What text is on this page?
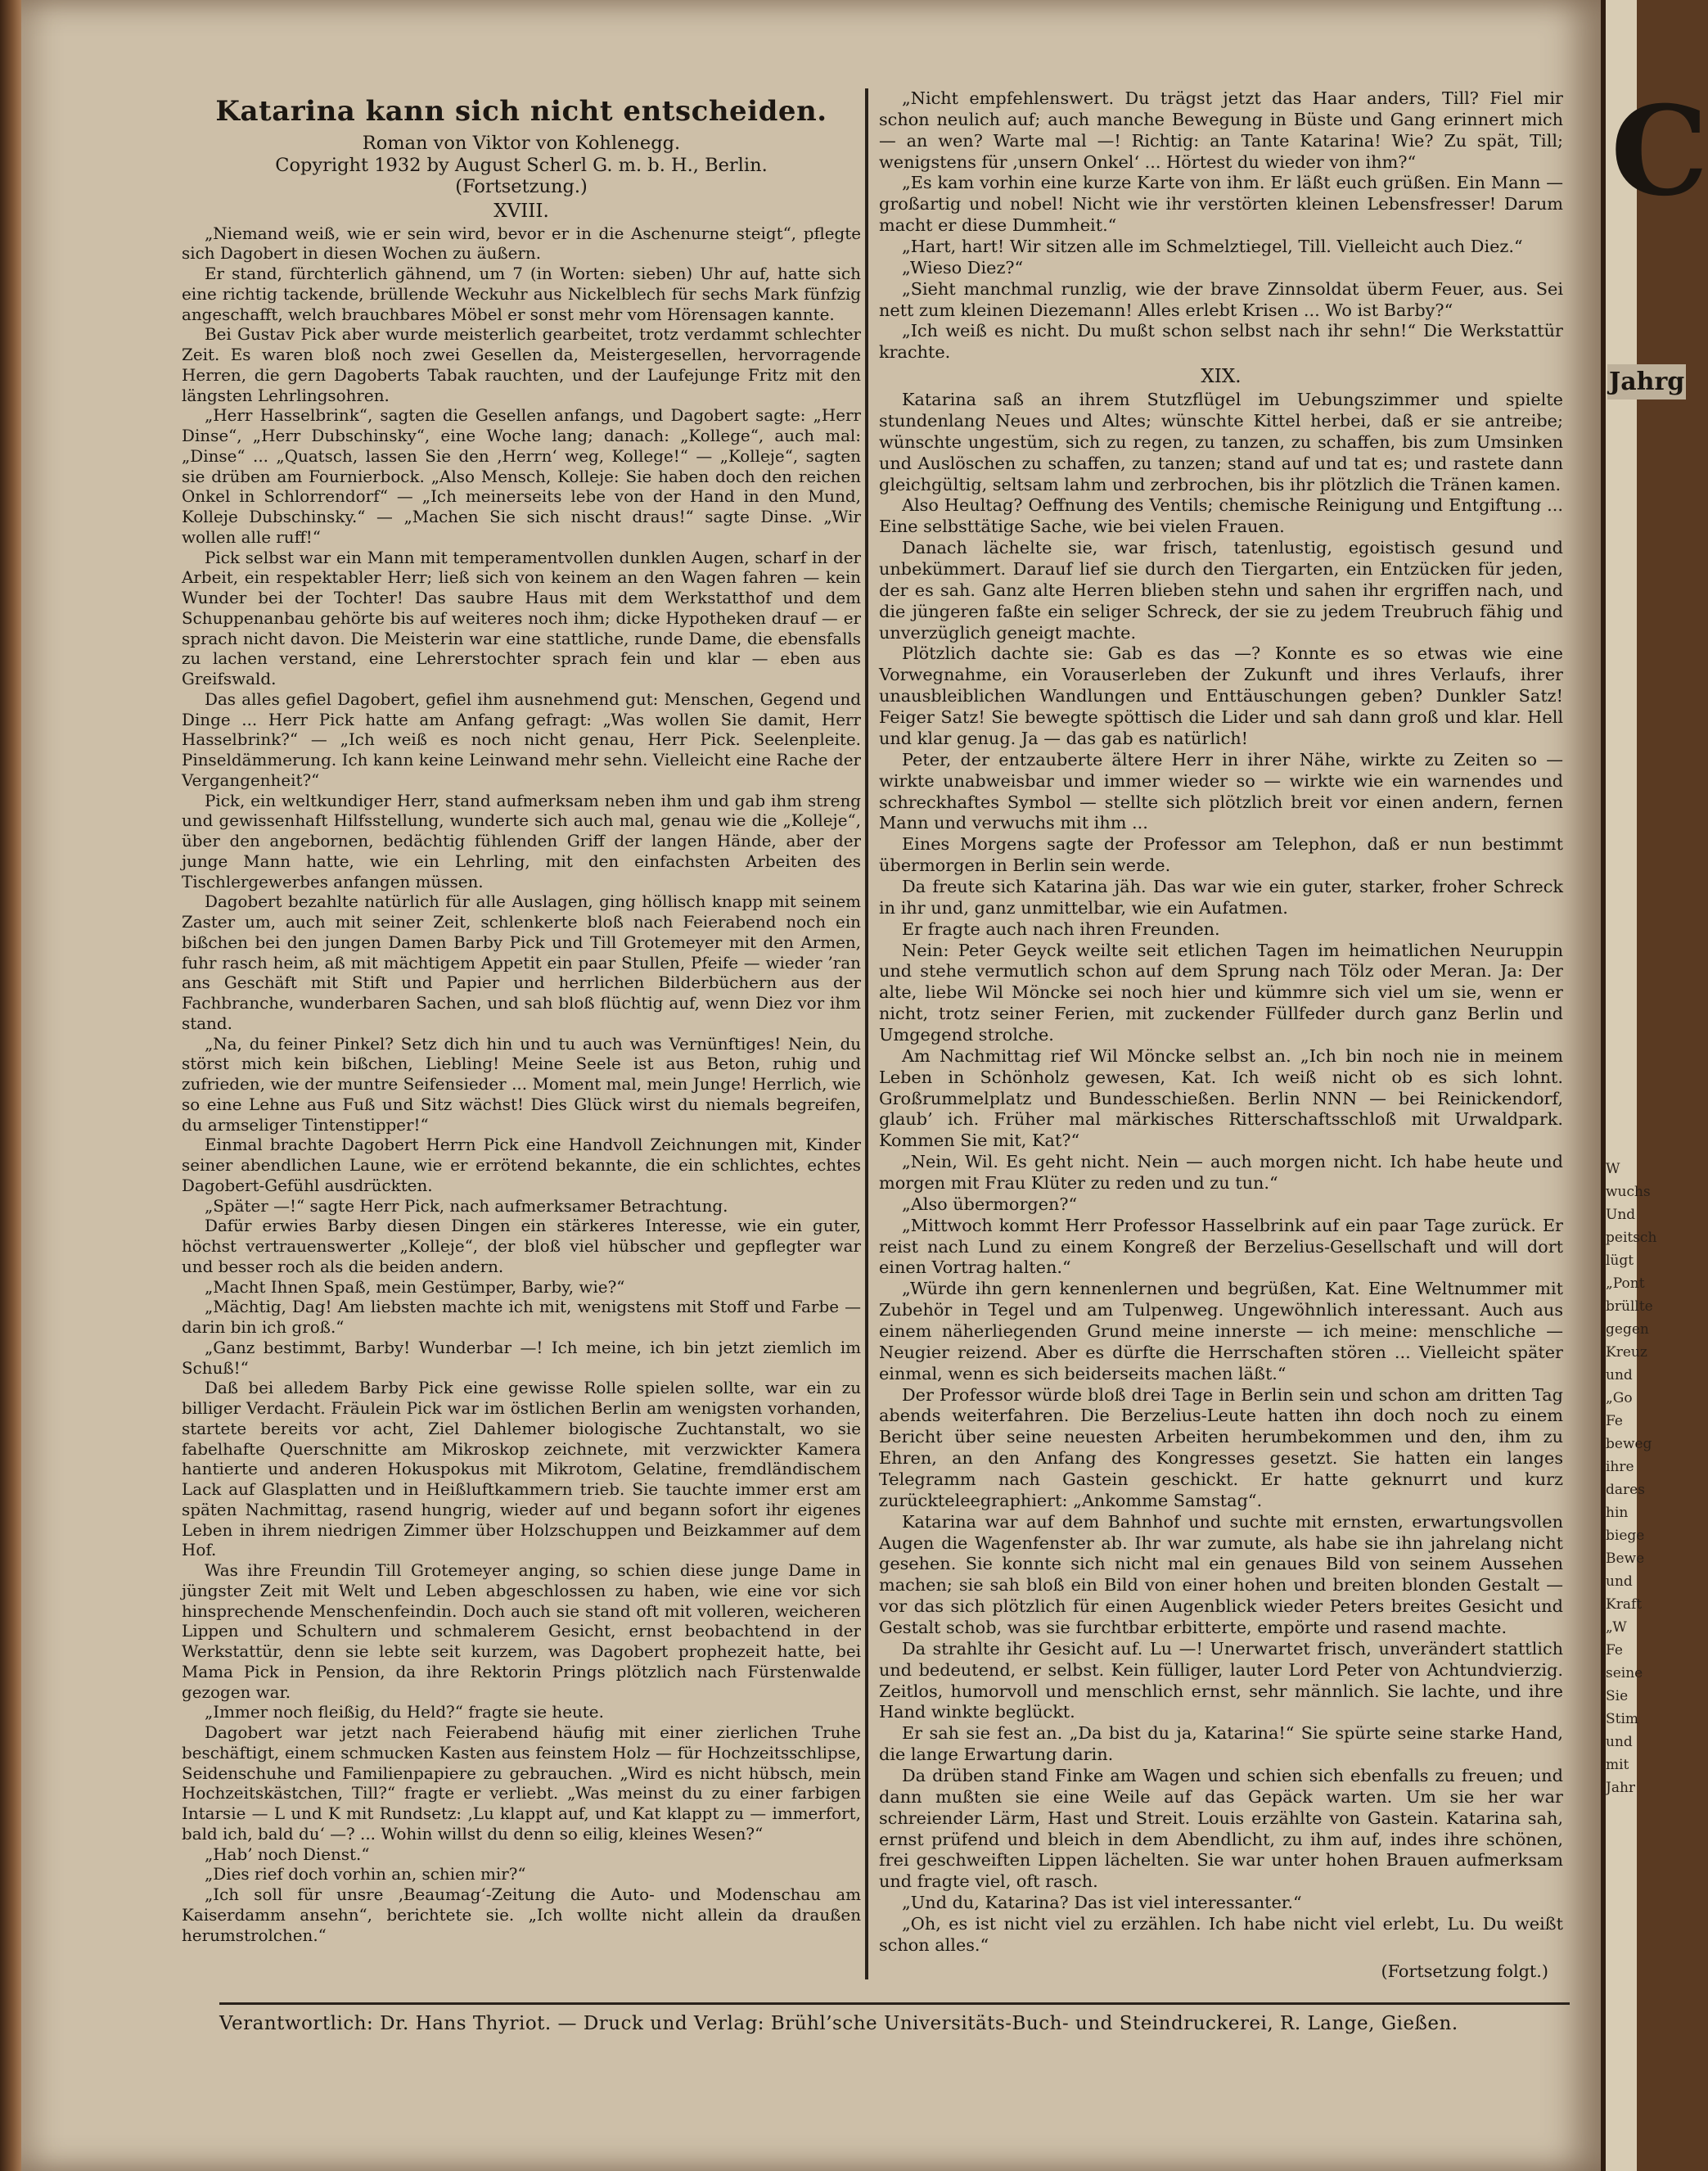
Katarina kann sich nicht entscheiden.
Roman von Viktor von Kohlenegg.
Copyright 1932 by August Scherl G. m. b. H., Berlin.
(Fortsetzung.)
XVIII.

„Niemand weiß, wie er sein wird, bevor er in die Aschenurne steigt“, pflegte sich Dagobert in diesen Wochen zu äußern.

Er stand, fürchterlich gähnend, um 7 (in Worten: sieben) Uhr auf, hatte sich eine richtig tackende, brüllende Weckuhr aus Nickelblech für sechs Mark fünfzig angeschafft, welch brauchbares Möbel er sonst mehr vom Hörensagen kannte.

Bei Gustav Pick aber wurde meisterlich gearbeitet, trotz verdammt schlechter Zeit. Es waren bloß noch zwei Gesellen da, Meistergesellen, hervorragende Herren, die gern Dagoberts Tabak rauchten, und der Laufejunge Fritz mit den längsten Lehrlingsohren.

„Herr Hasselbrink“, sagten die Gesellen anfangs, und Dagobert sagte: „Herr Dinse“, „Herr Dubschinsky“, eine Woche lang; danach: „Kollege“, auch mal: „Dinse“ ... „Quatsch, lassen Sie den ‚Herrn‘ weg, Kollege!“ — „Kolleje“, sagten sie drüben am Fournierbock. „Also Mensch, Kolleje: Sie haben doch den reichen Onkel in Schlorrendorf“ — „Ich meinerseits lebe von der Hand in den Mund, Kolleje Dubschinsky.“ — „Machen Sie sich nischt draus!“ sagte Dinse. „Wir wollen alle ruff!“

Pick selbst war ein Mann mit temperamentvollen dunklen Augen, scharf in der Arbeit, ein respektabler Herr; ließ sich von keinem an den Wagen fahren — kein Wunder bei der Tochter! Das saubre Haus mit dem Werkstatthof und dem Schuppenanbau gehörte bis auf weiteres noch ihm; dicke Hypotheken drauf — er sprach nicht davon. Die Meisterin war eine stattliche, runde Dame, die ebensfalls zu lachen verstand, eine Lehrerstochter sprach fein und klar — eben aus Greifswald.

Das alles gefiel Dagobert, gefiel ihm ausnehmend gut: Menschen, Gegend und Dinge ... Herr Pick hatte am Anfang gefragt: „Was wollen Sie damit, Herr Hasselbrink?“ — „Ich weiß es noch nicht genau, Herr Pick. Seelenpleite. Pinseldämmerung. Ich kann keine Leinwand mehr sehn. Vielleicht eine Rache der Vergangenheit?“

Pick, ein weltkundiger Herr, stand aufmerksam neben ihm und gab ihm streng und gewissenhaft Hilfsstellung, wunderte sich auch mal, genau wie die „Kolleje“, über den angebornen, bedächtig fühlenden Griff der langen Hände, aber der junge Mann hatte, wie ein Lehrling, mit den einfachsten Arbeiten des Tischlergewerbes anfangen müssen.

Dagobert bezahlte natürlich für alle Auslagen, ging höllisch knapp mit seinem Zaster um, auch mit seiner Zeit, schlenkerte bloß nach Feierabend noch ein bißchen bei den jungen Damen Barby Pick und Till Grotemeyer mit den Armen, fuhr rasch heim, aß mit mächtigem Appetit ein paar Stullen, Pfeife — wieder ’ran ans Geschäft mit Stift und Papier und herrlichen Bilderbüchern aus der Fachbranche, wunderbaren Sachen, und sah bloß flüchtig auf, wenn Diez vor ihm stand.

„Na, du feiner Pinkel? Setz dich hin und tu auch was Vernünftiges! Nein, du störst mich kein bißchen, Liebling! Meine Seele ist aus Beton, ruhig und zufrieden, wie der muntre Seifensieder ... Moment mal, mein Junge! Herrlich, wie so eine Lehne aus Fuß und Sitz wächst! Dies Glück wirst du niemals begreifen, du armseliger Tintenstipper!“

Einmal brachte Dagobert Herrn Pick eine Handvoll Zeichnungen mit, Kinder seiner abendlichen Laune, wie er errötend bekannte, die ein schlichtes, echtes Dagobert-Gefühl ausdrückten.

„Später —!“ sagte Herr Pick, nach aufmerksamer Betrachtung.

Dafür erwies Barby diesen Dingen ein stärkeres Interesse, wie ein guter, höchst vertrauenswerter „Kolleje“, der bloß viel hübscher und gepflegter war und besser roch als die beiden andern.

„Macht Ihnen Spaß, mein Gestümper, Barby, wie?“

„Mächtig, Dag! Am liebsten machte ich mit, wenigstens mit Stoff und Farbe — darin bin ich groß.“

„Ganz bestimmt, Barby! Wunderbar —! Ich meine, ich bin jetzt ziemlich im Schuß!“

Daß bei alledem Barby Pick eine gewisse Rolle spielen sollte, war ein zu billiger Verdacht. Fräulein Pick war im östlichen Berlin am wenigsten vorhanden, startete bereits vor acht, Ziel Dahlemer biologische Zuchtanstalt, wo sie fabelhafte Querschnitte am Mikroskop zeichnete, mit verzwickter Kamera hantierte und anderen Hokuspokus mit Mikrotom, Gelatine, fremdländischem Lack auf Glasplatten und in Heißluftkammern trieb. Sie tauchte immer erst am späten Nachmittag, rasend hungrig, wieder auf und begann sofort ihr eigenes Leben in ihrem niedrigen Zimmer über Holzschuppen und Beizkammer auf dem Hof.

Was ihre Freundin Till Grotemeyer anging, so schien diese junge Dame in jüngster Zeit mit Welt und Leben abgeschlossen zu haben, wie eine vor sich hinsprechende Menschenfeindin. Doch auch sie stand oft mit volleren, weicheren Lippen und Schultern und schmalerem Gesicht, ernst beobachtend in der Werkstattür, denn sie lebte seit kurzem, was Dagobert prophezeit hatte, bei Mama Pick in Pension, da ihre Rektorin Prings plötzlich nach Fürstenwalde gezogen war.

„Immer noch fleißig, du Held?“ fragte sie heute.

Dagobert war jetzt nach Feierabend häufig mit einer zierlichen Truhe beschäftigt, einem schmucken Kasten aus feinstem Holz — für Hochzeitsschlipse, Seidenschuhe und Familienpapiere zu gebrauchen. „Wird es nicht hübsch, mein Hochzeitskästchen, Till?“ fragte er verliebt. „Was meinst du zu einer farbigen Intarsie — L und K mit Rundsetz: ‚Lu klappt auf, und Kat klappt zu — immerfort, bald ich, bald du‘ —? ... Wohin willst du denn so eilig, kleines Wesen?“

„Hab’ noch Dienst.“

„Dies rief doch vorhin an, schien mir?“

„Ich soll für unsre ‚Beaumag‘-Zeitung die Auto- und Modenschau am Kaiserdamm ansehn“, berichtete sie. „Ich wollte nicht allein da draußen herumstrolchen.“

„Nicht empfehlenswert. Du trägst jetzt das Haar anders, Till? Fiel mir schon neulich auf; auch manche Bewegung in Büste und Gang erinnert mich — an wen? Warte mal —! Richtig: an Tante Katarina! Wie? Zu spät, Till; wenigstens für ‚unsern Onkel‘ ... Hörtest du wieder von ihm?“

„Es kam vorhin eine kurze Karte von ihm. Er läßt euch grüßen. Ein Mann — großartig und nobel! Nicht wie ihr verstörten kleinen Lebensfresser! Darum macht er diese Dummheit.“

„Hart, hart! Wir sitzen alle im Schmelztiegel, Till. Vielleicht auch Diez.“

„Wieso Diez?“

„Sieht manchmal runzlig, wie der brave Zinnsoldat überm Feuer, aus. Sei nett zum kleinen Diezemann! Alles erlebt Krisen ... Wo ist Barby?“

„Ich weiß es nicht. Du mußt schon selbst nach ihr sehn!“ Die Werkstattür krachte.

XIX.

Katarina saß an ihrem Stutzflügel im Uebungszimmer und spielte stundenlang Neues und Altes; wünschte Kittel herbei, daß er sie antreibe; wünschte ungestüm, sich zu regen, zu tanzen, zu schaffen, bis zum Umsinken und Auslöschen zu schaffen, zu tanzen; stand auf und tat es; und rastete dann gleichgültig, seltsam lahm und zerbrochen, bis ihr plötzlich die Tränen kamen.

Also Heultag? Oeffnung des Ventils; chemische Reinigung und Entgiftung ... Eine selbsttätige Sache, wie bei vielen Frauen.

Danach lächelte sie, war frisch, tatenlustig, egoistisch gesund und unbekümmert. Darauf lief sie durch den Tiergarten, ein Entzücken für jeden, der es sah. Ganz alte Herren blieben stehn und sahen ihr ergriffen nach, und die jüngeren faßte ein seliger Schreck, der sie zu jedem Treubruch fähig und unverzüglich geneigt machte.

Plötzlich dachte sie: Gab es das —? Konnte es so etwas wie eine Vorwegnahme, ein Vorauserleben der Zukunft und ihres Verlaufs, ihrer unausbleiblichen Wandlungen und Enttäuschungen geben? Dunkler Satz! Feiger Satz! Sie bewegte spöttisch die Lider und sah dann groß und klar. Hell und klar genug. Ja — das gab es natürlich!

Peter, der entzauberte ältere Herr in ihrer Nähe, wirkte zu Zeiten so — wirkte unabweisbar und immer wieder so — wirkte wie ein warnendes und schreckhaftes Symbol — stellte sich plötzlich breit vor einen andern, fernen Mann und verwuchs mit ihm ...

Eines Morgens sagte der Professor am Telephon, daß er nun bestimmt übermorgen in Berlin sein werde.

Da freute sich Katarina jäh. Das war wie ein guter, starker, froher Schreck in ihr und, ganz unmittelbar, wie ein Aufatmen.

Er fragte auch nach ihren Freunden.

Nein: Peter Geyck weilte seit etlichen Tagen im heimatlichen Neuruppin und stehe vermutlich schon auf dem Sprung nach Tölz oder Meran. Ja: Der alte, liebe Wil Möncke sei noch hier und kümmre sich viel um sie, wenn er nicht, trotz seiner Ferien, mit zuckender Füllfeder durch ganz Berlin und Umgegend strolche.

Am Nachmittag rief Wil Möncke selbst an. „Ich bin noch nie in meinem Leben in Schönholz gewesen, Kat. Ich weiß nicht ob es sich lohnt. Großrummelplatz und Bundesschießen. Berlin NNN — bei Reinickendorf, glaub’ ich. Früher mal märkisches Ritterschaftsschloß mit Urwaldpark. Kommen Sie mit, Kat?“

„Nein, Wil. Es geht nicht. Nein — auch morgen nicht. Ich habe heute und morgen mit Frau Klüter zu reden und zu tun.“

„Also übermorgen?“

„Mittwoch kommt Herr Professor Hasselbrink auf ein paar Tage zurück. Er reist nach Lund zu einem Kongreß der Berzelius-Gesellschaft und will dort einen Vortrag halten.“

„Würde ihn gern kennenlernen und begrüßen, Kat. Eine Weltnummer mit Zubehör in Tegel und am Tulpenweg. Ungewöhnlich interessant. Auch aus einem näherliegenden Grund meine innerste — ich meine: menschliche — Neugier reizend. Aber es dürfte die Herrschaften stören ... Vielleicht später einmal, wenn es sich beiderseits machen läßt.“

Der Professor würde bloß drei Tage in Berlin sein und schon am dritten Tag abends weiterfahren. Die Berzelius-Leute hatten ihn doch noch zu einem Bericht über seine neuesten Arbeiten herumbekommen und den, ihm zu Ehren, an den Anfang des Kongresses gesetzt. Sie hatten ein langes Telegramm nach Gastein geschickt. Er hatte geknurrt und kurz zurückteleegraphiert: „Ankomme Samstag“.

Katarina war auf dem Bahnhof und suchte mit ernsten, erwartungsvollen Augen die Wagenfenster ab. Ihr war zumute, als habe sie ihn jahrelang nicht gesehen. Sie konnte sich nicht mal ein genaues Bild von seinem Aussehen machen; sie sah bloß ein Bild von einer hohen und breiten blonden Gestalt — vor das sich plötzlich für einen Augenblick wieder Peters breites Gesicht und Gestalt schob, was sie furchtbar erbitterte, empörte und rasend machte.

Da strahlte ihr Gesicht auf. Lu —! Unerwartet frisch, unverändert stattlich und bedeutend, er selbst. Kein fülliger, lauter Lord Peter von Achtundvierzig. Zeitlos, humorvoll und menschlich ernst, sehr männlich. Sie lachte, und ihre Hand winkte beglückt.

Er sah sie fest an. „Da bist du ja, Katarina!“ Sie spürte seine starke Hand, die lange Erwartung darin.

Da drüben stand Finke am Wagen und schien sich ebenfalls zu freuen; und dann mußten sie eine Weile auf das Gepäck warten. Um sie her war schreiender Lärm, Hast und Streit. Louis erzählte von Gastein. Katarina sah, ernst prüfend und bleich in dem Abendlicht, zu ihm auf, indes ihre schönen, frei geschweiften Lippen lächelten. Sie war unter hohen Brauen aufmerksam und fragte viel, oft rasch.

„Und du, Katarina? Das ist viel interessanter.“

„Oh, es ist nicht viel zu erzählen. Ich habe nicht viel erlebt, Lu. Du weißt schon alles.“

(Fortsetzung folgt.)
Verantwortlich: Dr. Hans Thyriot. — Druck und Verlag: Brühl’sche Universitäts-Buch- und Steindruckerei, R. Lange, Gießen.
C
Jahrg
W
wuchs
Und
peitsch
lügt
„Pont
brüllte
gegen
Kreuz
und
„Go
Fe
beweg
ihre
dares
hin
biege
Bewe
und
Kraft
„W
Fe
seine
Sie
Stim
und
mit
Jahr
